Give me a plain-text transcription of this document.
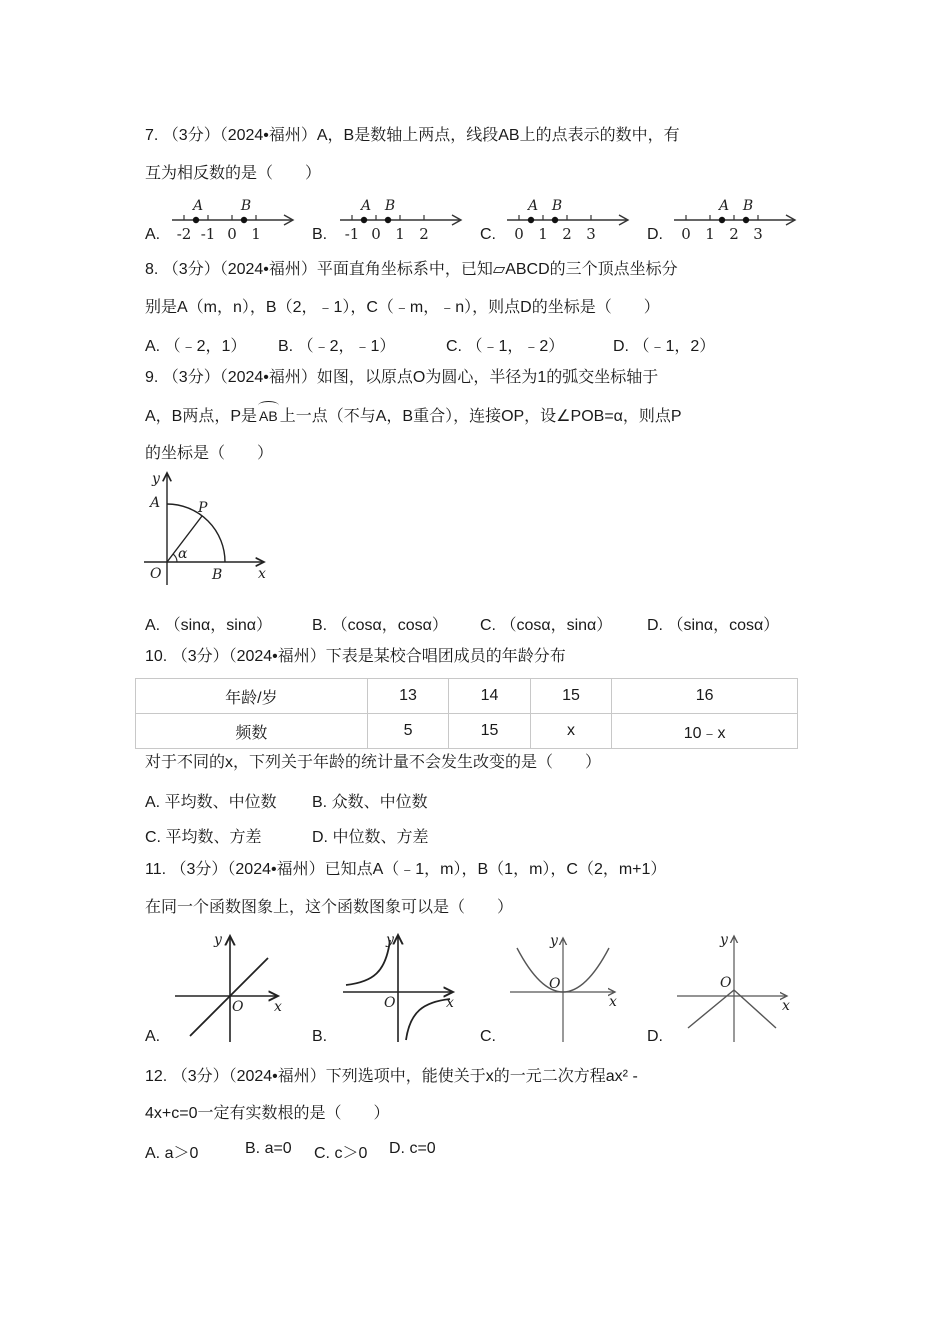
7. （3分）（2024•福州）A，B是数轴上两点，线段AB上的点表示的数中，有
互为相反数的是（　　）
A.	B.	C.	D.
-2 -1 0 1
A	B
-1 0 1 2
A B
0 1 2 3
A B
0 1 2 3
A B
8. （3分）（2024•福州）平面直角坐标系中，已知▱ABCD的三个顶点坐标分
别是A（m，n），B（2，﹣1），C（﹣m，﹣n），则点D的坐标是（　　）
A. （﹣2，1） B. （﹣2，﹣1）	C. （﹣1，﹣2）	D. （﹣1，2）
9. （3分）（2024•福州）如图，以原点O为圆心，半径为1的弧交坐标轴于
A，B两点，P是 AB 上一点（不与A，B重合），连接OP，设∠POB=α，则点P
的坐标是（　　）
y
A	P
α
O	B	x
A. （sinα，sinα）	B. （cosα，cosα） C. （cosα，sinα） D. （sinα，cosα）
10. （3分）（2024•福州）下表是某校合唱团成员的年龄分布
年龄/岁	13	14	15	16
频数	5	15	x	10﹣x
对于不同的x，下列关于年龄的统计量不会发生改变的是（　　）
A. 平均数、中位数 B. 众数、中位数
C. 平均数、方差	D. 中位数、方差
11. （3分）（2024•福州）已知点A（﹣1，m），B（1，m），C（2，m+1）
在同一个函数图象上，这个函数图象可以是（　　）
y
O x
A.
y
O	x
B.
y
O
x
C.
y
O
x
D.
12. （3分）（2024•福州）下列选项中，能使关于x的一元二次方程ax² -
4x+c=0一定有实数根的是（　　）
A. a＞0	B. a=0 C. c＞0 D. c=0
